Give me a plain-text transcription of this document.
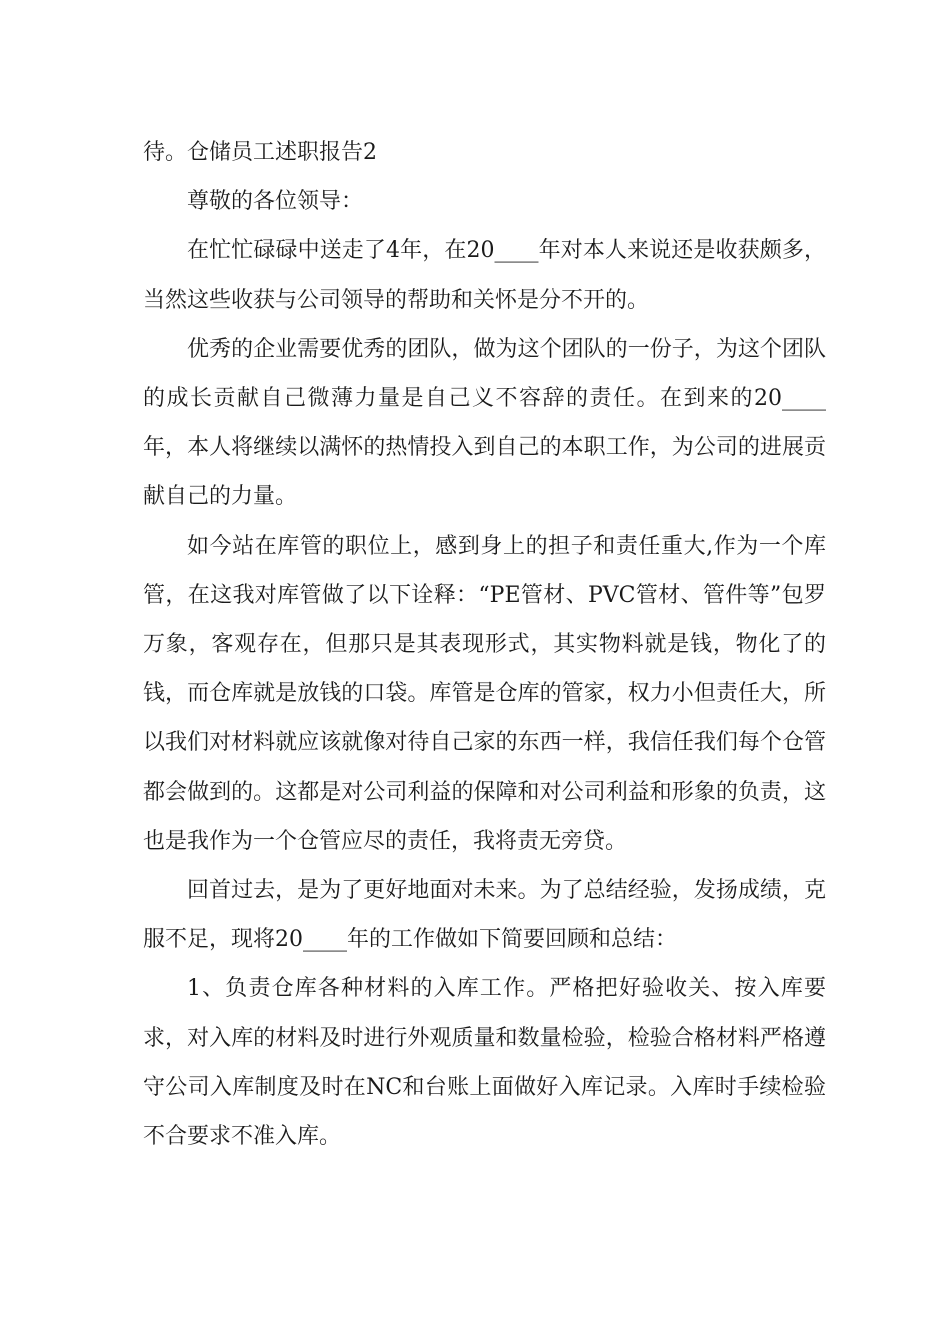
待。仓储员工述职报告2

尊敬的各位领导：

在忙忙碌碌中送走了4年，在20____年对本人来说还是收获颇多，当然这些收获与公司领导的帮助和关怀是分不开的。

优秀的企业需要优秀的团队，做为这个团队的一份子，为这个团队的成长贡献自己微薄力量是自己义不容辞的责任。在到来的20____年，本人将继续以满怀的热情投入到自己的本职工作，为公司的进展贡献自己的力量。

如今站在库管的职位上，感到身上的担子和责任重大,作为一个库管，在这我对库管做了以下诠释：“PE管材、PVC管材、管件等”包罗万象，客观存在，但那只是其表现形式，其实物料就是钱，物化了的钱，而仓库就是放钱的口袋。库管是仓库的管家，权力小但责任大，所以我们对材料就应该就像对待自己家的东西一样，我信任我们每个仓管都会做到的。这都是对公司利益的保障和对公司利益和形象的负责，这也是我作为一个仓管应尽的责任，我将责无旁贷。

回首过去，是为了更好地面对未来。为了总结经验，发扬成绩，克服不足，现将20____年的工作做如下简要回顾和总结：

1、负责仓库各种材料的入库工作。严格把好验收关、按入库要求，对入库的材料及时进行外观质量和数量检验，检验合格材料严格遵守公司入库制度及时在NC和台账上面做好入库记录。入库时手续检验不合要求不准入库。
